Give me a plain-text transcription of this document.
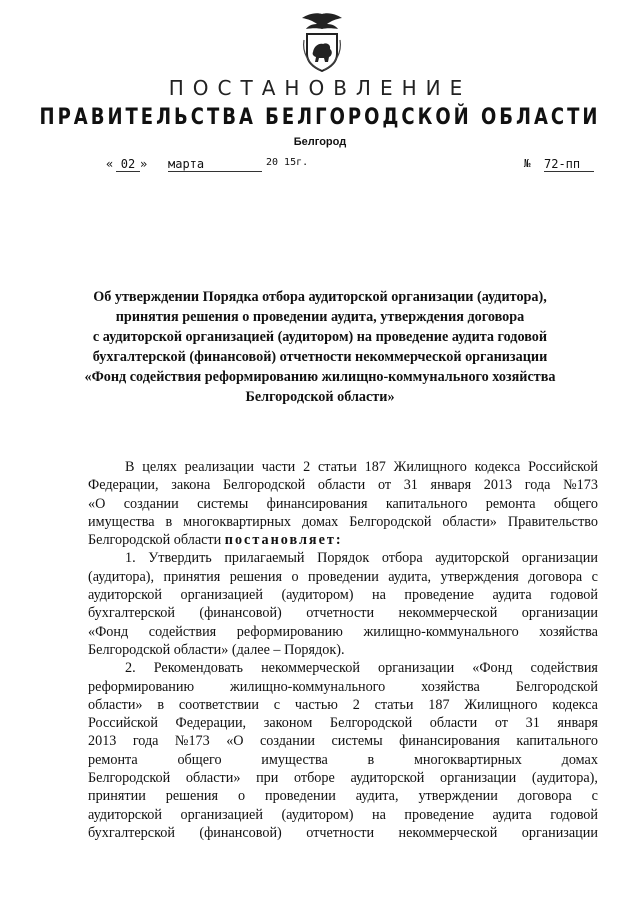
ПОСТАНОВЛЕНИЕ
ПРАВИТЕЛЬСТВА БЕЛГОРОДСКОЙ ОБЛАСТИ
Белгород
« 02 » марта	20 15г.	№ 72-пп
Об утверждении Порядка отбора аудиторской организации (аудитора),
принятия решения о проведении аудита, утверждения договора
с аудиторской организацией (аудитором) на проведение аудита годовой
бухгалтерской (финансовой) отчетности некоммерческой организации
«Фонд содействия реформированию жилищно-коммунального хозяйства
Белгородской области»
В целях реализации части 2 статьи 187 Жилищного кодекса Российской
Федерации, закона Белгородской области от 31 января 2013 года №173
«О создании системы финансирования капитального ремонта общего
имущества в многоквартирных домах Белгородской области» Правительство
Белгородской области постановляет:
1. Утвердить прилагаемый Порядок отбора аудиторской организации
(аудитора), принятия решения о проведении аудита, утверждения договора с
аудиторской организацией (аудитором) на проведение аудита годовой
бухгалтерской (финансовой) отчетности некоммерческой организации
«Фонд содействия реформированию жилищно-коммунального хозяйства
Белгородской области» (далее – Порядок).
2. Рекомендовать некоммерческой организации «Фонд содействия
реформированию	жилищно-коммунального	хозяйства	Белгородской
области» в соответствии с частью 2 статьи 187 Жилищного кодекса
Российской Федерации, законом Белгородской области от 31 января
2013 года №173 «О создании системы финансирования капитального
ремонта	общего	имущества	в	многоквартирных	домах
Белгородской области» при отборе аудиторской организации (аудитора),
принятии решения о проведении аудита, утверждении договора с
аудиторской организацией (аудитором) на проведение аудита годовой
бухгалтерской (финансовой) отчетности некоммерческой организации
